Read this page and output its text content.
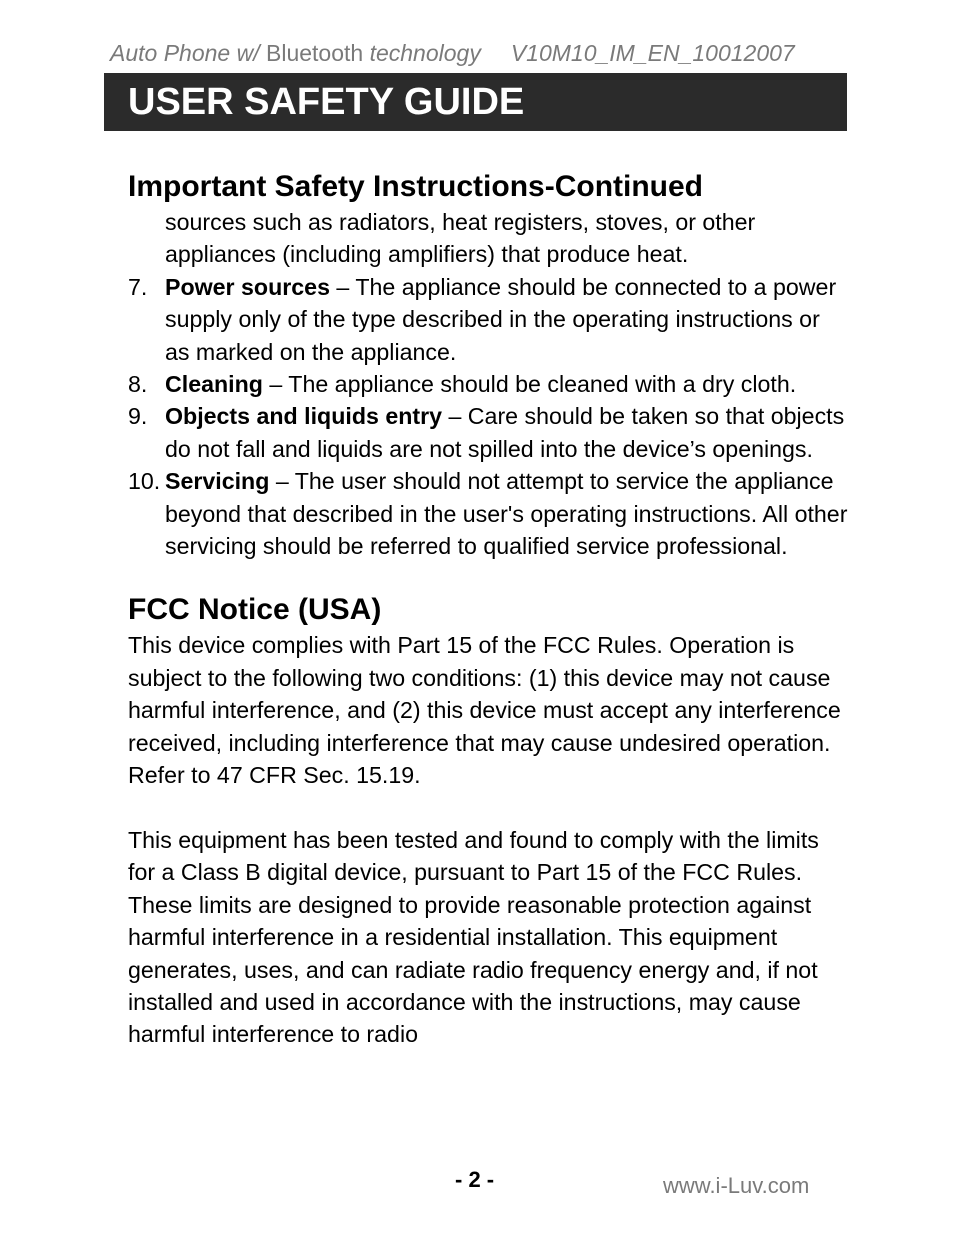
Auto Phone w/ Bluetooth technology V10M10_IM_EN_10012007
USER SAFETY GUIDE
Important Safety Instructions-Continued

sources such as radiators, heat registers, stoves, or other appliances (including amplifiers) that produce heat.

7. Power sources – The appliance should be connected to a power supply only of the type described in the operating instructions or as marked on the appliance.
8. Cleaning – The appliance should be cleaned with a dry cloth.
9. Objects and liquids entry – Care should be taken so that objects do not fall and liquids are not spilled into the device’s openings.
10. Servicing – The user should not attempt to service the appliance beyond that described in the user's operating instructions. All other servicing should be referred to qualified service professional.
FCC Notice (USA)

This device complies with Part 15 of the FCC Rules. Operation is subject to the following two conditions: (1) this device may not cause harmful interference, and (2) this device must accept any interference received, including interference that may cause undesired operation. Refer to 47 CFR Sec. 15.19.

This equipment has been tested and found to comply with the limits for a Class B digital device, pursuant to Part 15 of the FCC Rules. These limits are designed to provide reasonable protection against harmful interference in a residential installation. This equipment generates, uses, and can radiate radio frequency energy and, if not installed and used in accordance with the instructions, may cause harmful interference to radio

- 2 -	www.i-Luv.com
